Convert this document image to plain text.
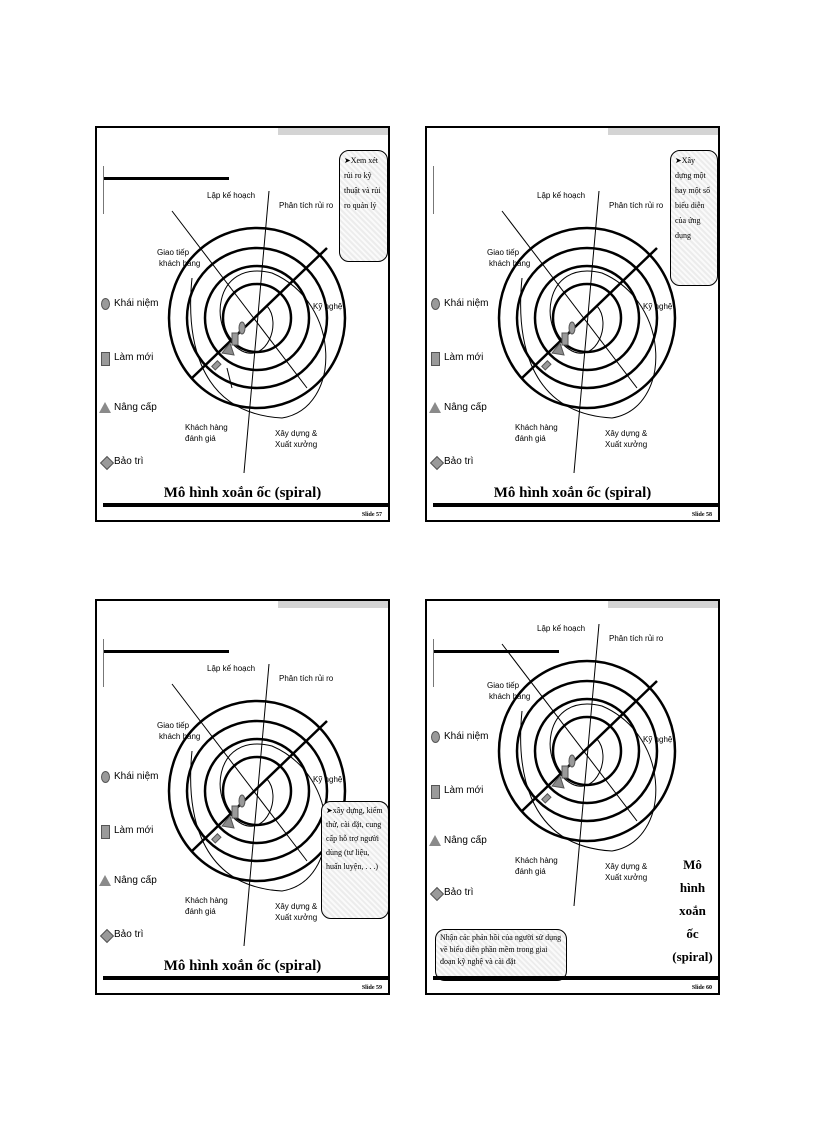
Khái niệm
Làm mới
Nâng cấp
Bảo trì
Lập kế hoạch
Phân tích rủi ro
Giao tiếp
khách hàng
Kỹ nghệ
Khách hàng
đánh giá
Xây dựng &
Xuất xưởng
➤Xem xét rủi ro kỹ thuật và rủi ro quản lý
Mô hình xoắn ốc (spiral)
Slide 57
Khái niệm
Làm mới
Nâng cấp
Bảo trì
Lập kế hoạch
Phân tích rủi ro
Giao tiếp
khách hàng
Kỹ nghệ
Khách hàng
đánh giá
Xây dựng &
Xuất xưởng
➤Xây dựng một hay một số biểu diễn của ứng dụng
Mô hình xoắn ốc (spiral)
Slide 58
Khái niệm
Làm mới
Nâng cấp
Bảo trì
Lập kế hoạch
Phân tích rủi ro
Giao tiếp
khách hàng
Kỹ nghệ
Khách hàng
đánh giá
Xây dựng &
Xuất xưởng
➤xây dựng, kiểm thử, cài đặt, cung cấp hỗ trợ người dùng (tư liệu, huấn luyện, . . .)
Mô hình xoắn ốc (spiral)
Slide 59
Khái niệm
Làm mới
Nâng cấp
Bảo trì
Lập kế hoạch
Phân tích rủi ro
Giao tiếp
khách hàng
Kỹ nghệ
Khách hàng
đánh giá
Xây dựng &
Xuất xưởng
Nhận các phản hồi của người sử dụng về biểu diễn phần mềm trong giai đoạn kỹ nghệ và cài đặt
Mô
hình
xoắn
ốc
(spiral)
Slide 60
